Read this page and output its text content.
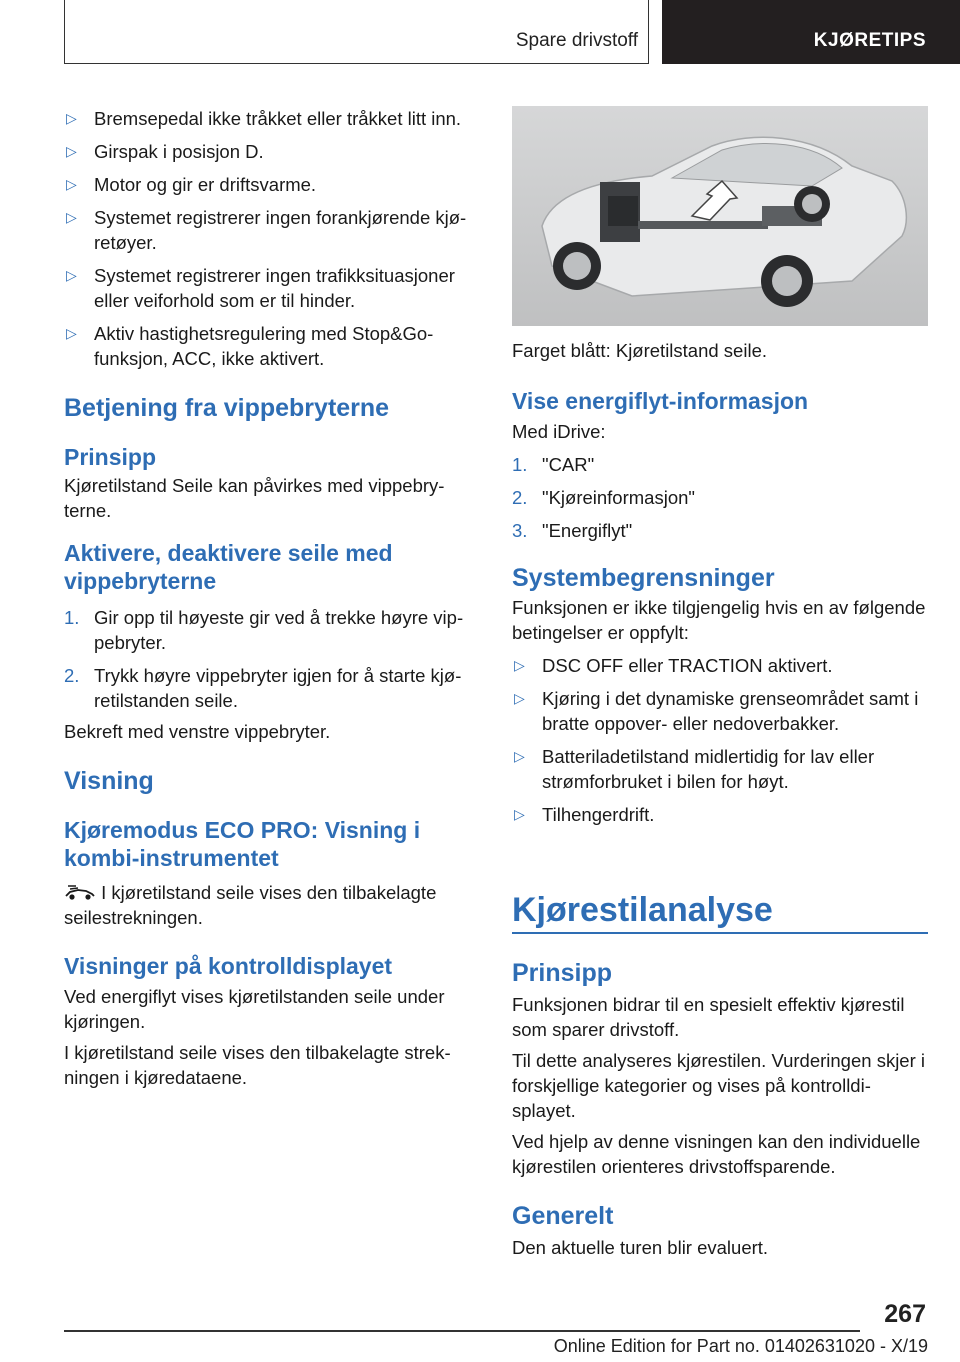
Spare drivstoff	KJØRETIPS
▷ Bremsepedal ikke tråkket eller tråkket litt inn.
▷ Girspak i posisjon D.
▷ Motor og gir er driftsvarme.
▷ Systemet registrerer ingen forankjørende kjøretøyer.
▷ Systemet registrerer ingen trafikksituasjoner eller veiforhold som er til hinder.
▷ Aktiv hastighetsregulering med Stop&Go-funksjon, ACC, ikke aktivert.
Betjening fra vippebryterne
Prinsipp

Kjøretilstand Seile kan påvirkes med vippebryterne.

Aktivere, deaktivere seile med vippebryterne
1. Gir opp til høyeste gir ved å trekke høyre vippebryter.
2. Trykk høyre vippebryter igjen for å starte kjøretilstanden seile.

Bekreft med venstre vippebryter.

Visning
Kjøremodus ECO PRO: Visning i kombi-instrumentet

I kjøretilstand seile vises den tilbakelagte seilestrekningen.

Visninger på kontrolldisplayet

Ved energiflyt vises kjøretilstanden seile under kjøringen.

I kjøretilstand seile vises den tilbakelagte strekningen i kjøredataene.

Farget blått: Kjøretilstand seile.

Vise energiflyt-informasjon

Med iDrive:

1. "CAR"
2. "Kjøreinformasjon"
3. "Energiflyt"
Systembegrensninger

Funksjonen er ikke tilgjengelig hvis en av følgende betingelser er oppfylt:

▷ DSC OFF eller TRACTION aktivert.
▷ Kjøring i det dynamiske grenseområdet samt i bratte oppover- eller nedoverbakker.
▷ Batteriladetilstand midlertidig for lav eller strømforbruket i bilen for høyt.
▷ Tilhengerdrift.
Kjørestilanalyse
Prinsipp

Funksjonen bidrar til en spesielt effektiv kjørestil som sparer drivstoff.

Til dette analyseres kjørestilen. Vurderingen skjer i forskjellige kategorier og vises på kontrolldisplayet.

Ved hjelp av denne visningen kan den individuelle kjørestilen orienteres drivstoffsparende.

Generelt

Den aktuelle turen blir evaluert.

267
Online Edition for Part no. 01402631020 - X/19
